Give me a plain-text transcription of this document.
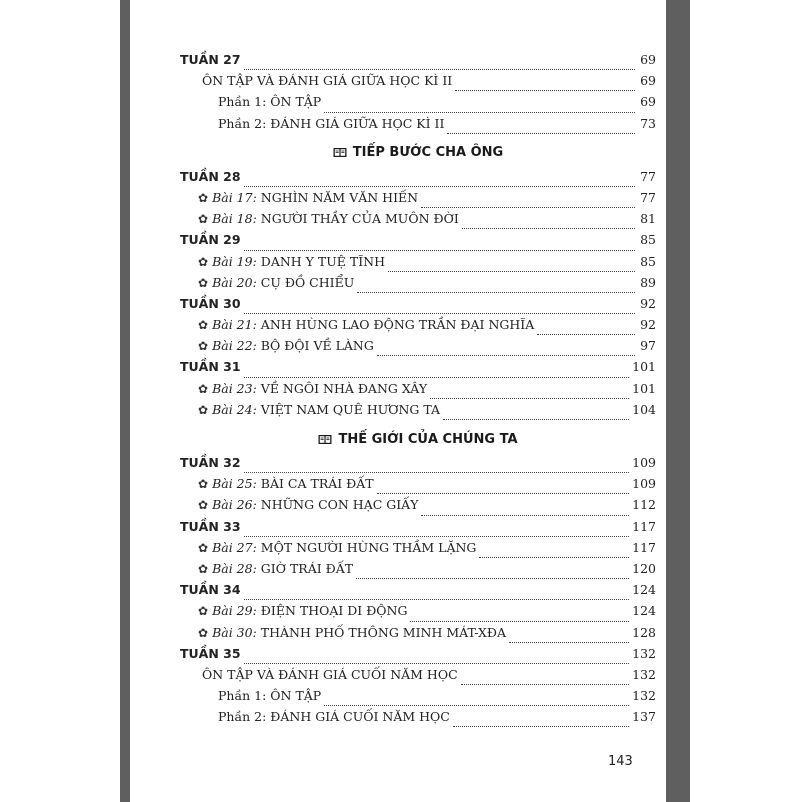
TUẦN 27	69
ÔN TẬP VÀ ĐÁNH GIÁ GIỮA HỌC KÌ II	69
Phần 1: ÔN TẬP	69
Phần 2: ĐÁNH GIÁ GIỮA HỌC KÌ II	73
TIẾP BƯỚC CHA ÔNG
TUẦN 28	77
✿ Bài 17: NGHÌN NĂM VĂN HIẾN	77
✿ Bài 18: NGƯỜI THẦY CỦA MUÔN ĐỜI	81
TUẦN 29	85
✿ Bài 19: DANH Y TUỆ TĨNH	85
✿ Bài 20: CỤ ĐỒ CHIỂU	89
TUẦN 30	92
✿ Bài 21: ANH HÙNG LAO ĐỘNG TRẦN ĐẠI NGHĨA	92
✿ Bài 22: BỘ ĐỘI VỀ LÀNG	97
TUẦN 31	101
✿ Bài 23: VỀ NGÔI NHÀ ĐANG XÂY	101
✿ Bài 24: VIỆT NAM QUÊ HƯƠNG TA	104
THẾ GIỚI CỦA CHÚNG TA
TUẦN 32	109
✿ Bài 25: BÀI CA TRÁI ĐẤT	109
✿ Bài 26: NHỮNG CON HẠC GIẤY	112
TUẦN 33	117
✿ Bài 27: MỘT NGƯỜI HÙNG THẦM LẶNG	117
✿ Bài 28: GIỜ TRÁI ĐẤT	120
TUẦN 34	124
✿ Bài 29: ĐIỆN THOẠI DI ĐỘNG	124
✿ Bài 30: THÀNH PHỐ THÔNG MINH MÁT-XĐA	128
TUẦN 35	132
ÔN TẬP VÀ ĐÁNH GIÁ CUỐI NĂM HỌC	132
Phần 1: ÔN TẬP	132
Phần 2: ĐÁNH GIÁ CUỐI NĂM HỌC	137
143
